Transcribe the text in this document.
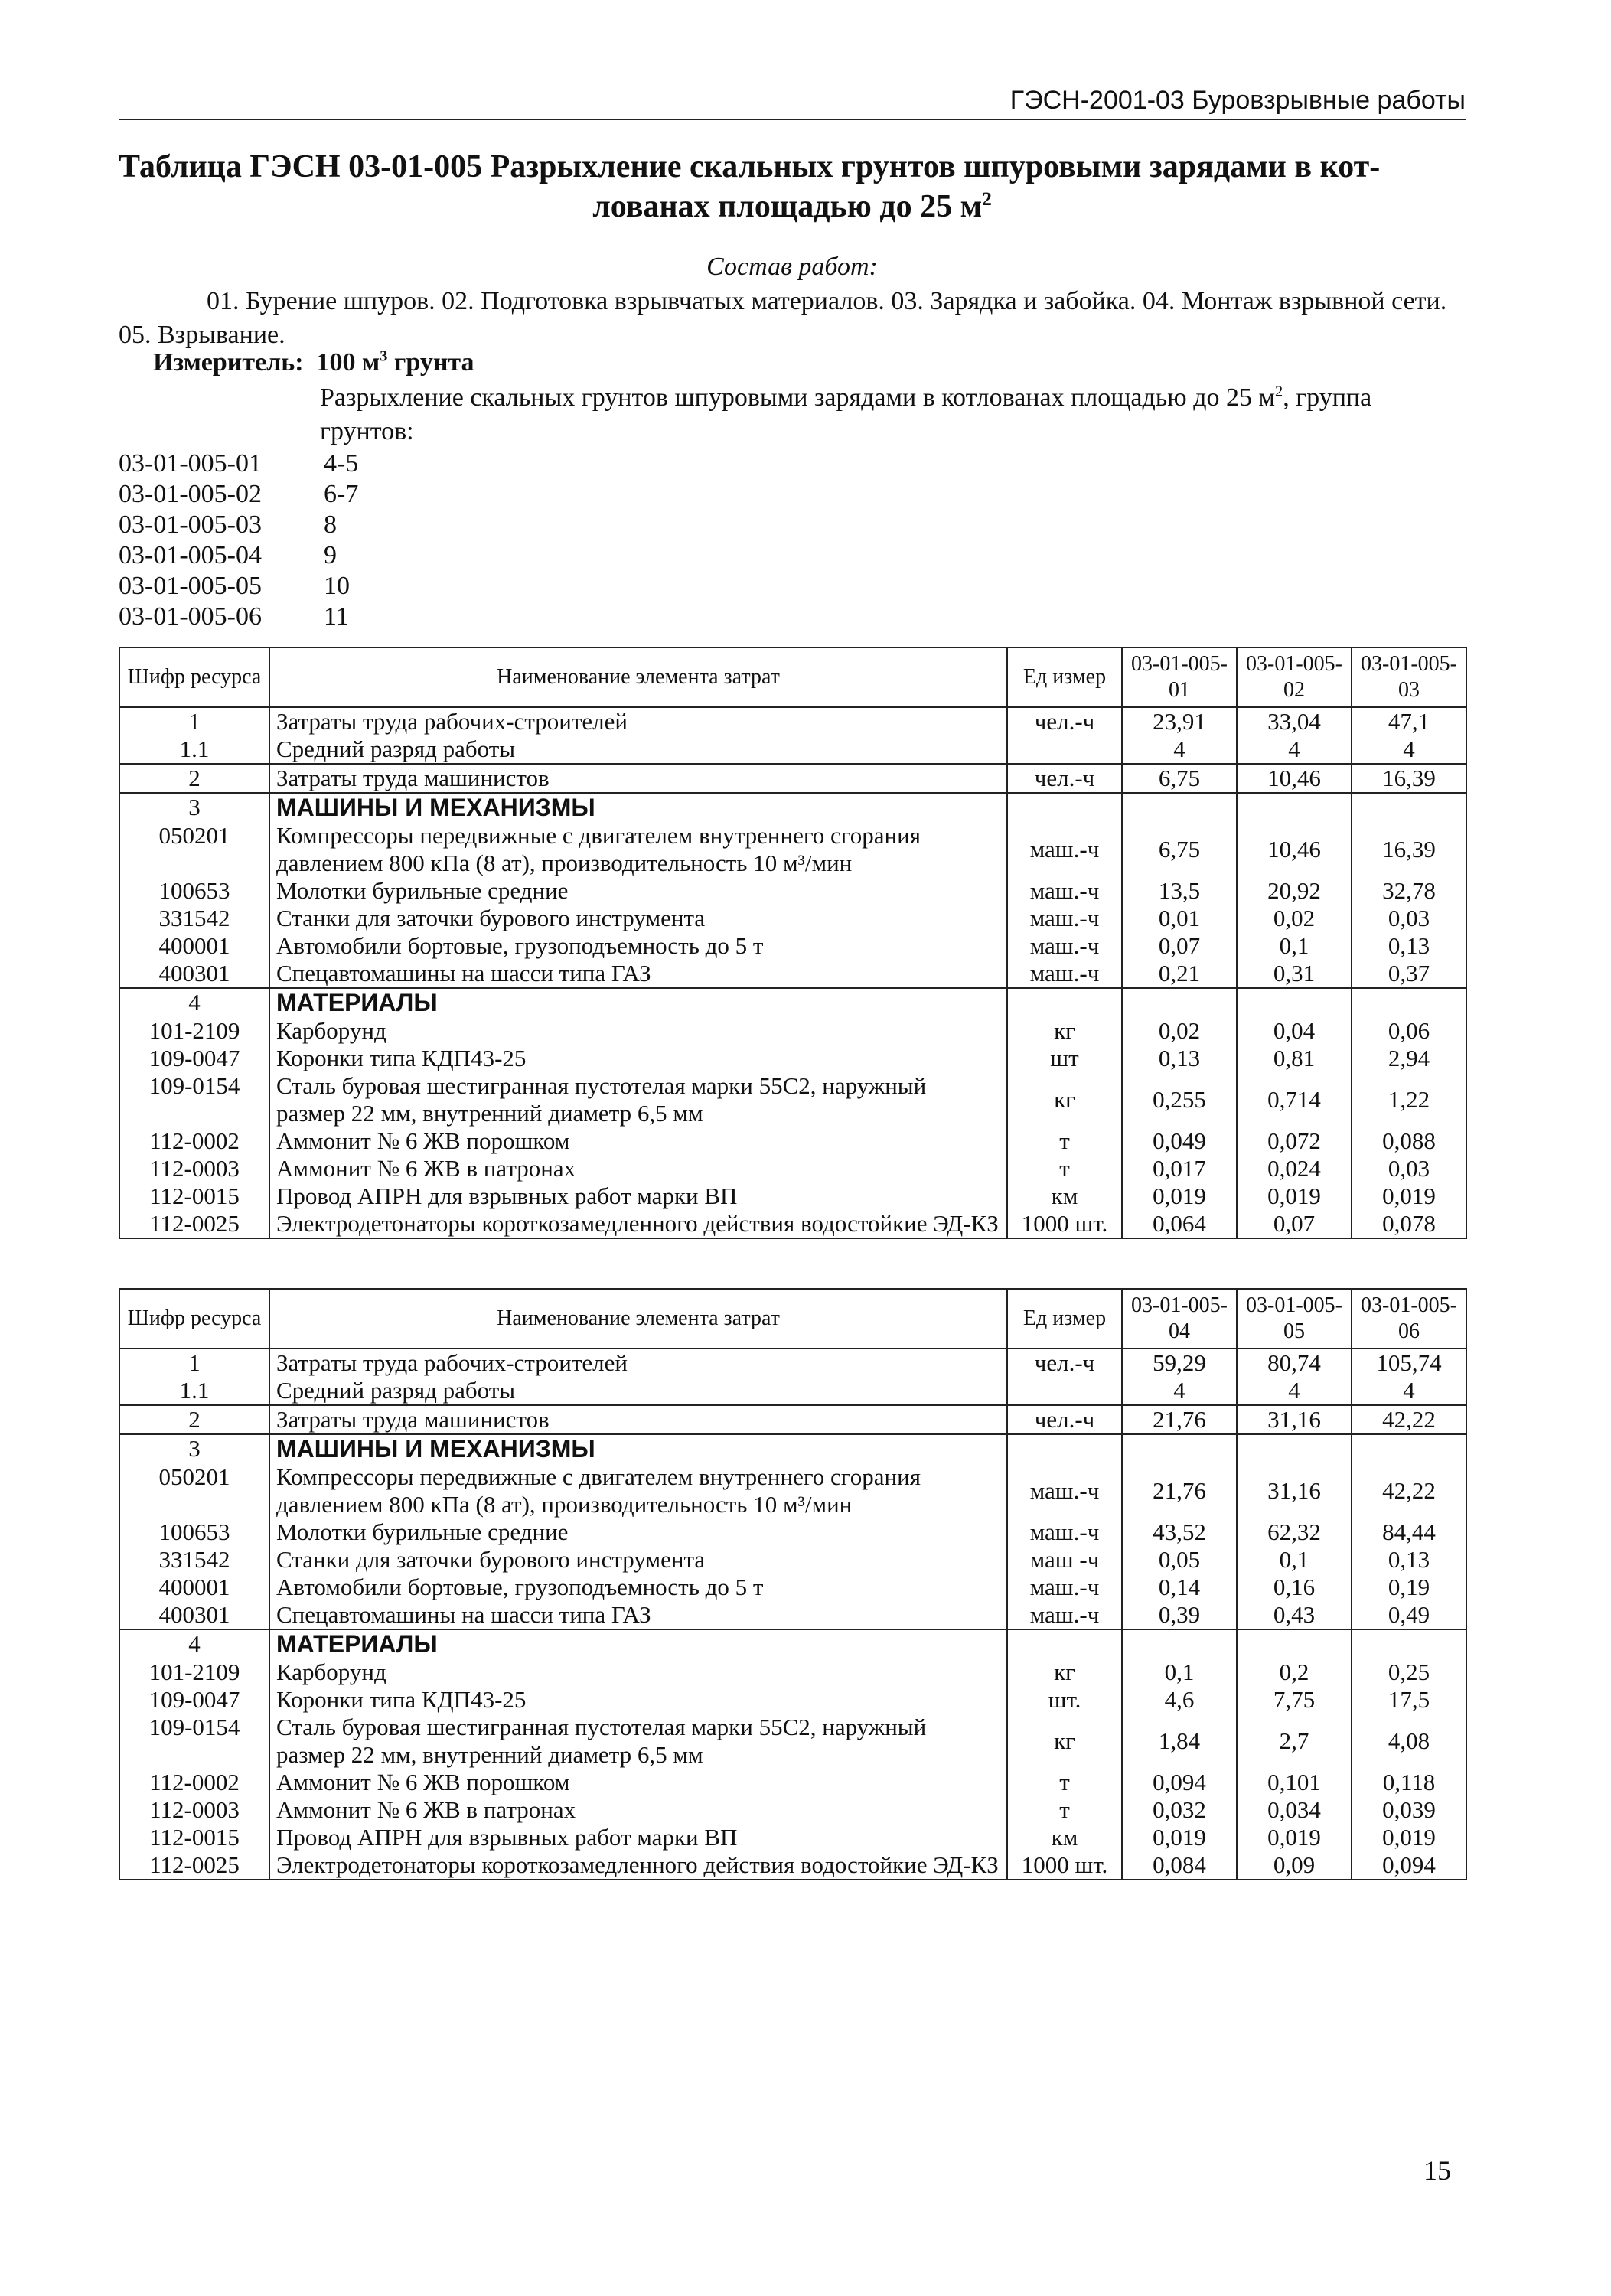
ГЭСН-2001-03 Буровзрывные работы
Таблица ГЭСН 03-01-005 Разрыхление скальных грунтов шпуровыми зарядами в кот-
лованах площадью до 25 $м^2$
Состав работ:
01. Бурение шпуров. 02. Подготовка взрывчатых материалов. 03. Зарядка и забойка. 04. Монтаж взрывной сети. 05. Взрывание.
Измеритель: 100 $м^3$ грунта
Разрыхление скальных грунтов шпуровыми зарядами в котлованах площадью до 25 $м^2$, группа грунтов:
03-01-005-01	4-5
03-01-005-02	6-7
03-01-005-03	8
03-01-005-04	9
03-01-005-05	10
03-01-005-06	11
Шифр ресурса	Наименование элемента затрат	Ед измер	03-01-005-01	03-01-005-02	03-01-005-03
1	Затраты труда рабочих-строителей	чел.-ч	23,91	33,04	47,1
1.1	Средний разряд работы		4	4	4
2	Затраты труда машинистов	чел.-ч	6,75	10,46	16,39
3	МАШИНЫ И МЕХАНИЗМЫ				
050201	Компрессоры передвижные с двигателем внутреннего сгорания давлением 800 кПа (8 ат), производительность 10 м³/мин	маш.-ч	6,75	10,46	16,39
100653	Молотки бурильные средние	маш.-ч	13,5	20,92	32,78
331542	Станки для заточки бурового инструмента	маш.-ч	0,01	0,02	0,03
400001	Автомобили бортовые, грузоподъемность до 5 т	маш.-ч	0,07	0,1	0,13
400301	Спецавтомашины на шасси типа ГАЗ	маш.-ч	0,21	0,31	0,37
4	МАТЕРИАЛЫ				
101-2109	Карборунд	кг	0,02	0,04	0,06
109-0047	Коронки типа КДП43-25	шт	0,13	0,81	2,94
109-0154	Сталь буровая шестигранная пустотелая марки 55С2, наружный размер 22 мм, внутренний диаметр 6,5 мм	кг	0,255	0,714	1,22
112-0002	Аммонит № 6 ЖВ порошком	т	0,049	0,072	0,088
112-0003	Аммонит № 6 ЖВ в патронах	т	0,017	0,024	0,03
112-0015	Провод АПРН для взрывных работ марки ВП	км	0,019	0,019	0,019
112-0025	Электродетонаторы короткозамедленного действия водостойкие ЭД-КЗ	1000 шт.	0,064	0,07	0,078
Шифр ресурса	Наименование элемента затрат	Ед измер	03-01-005-04	03-01-005-05	03-01-005-06
1	Затраты труда рабочих-строителей	чел.-ч	59,29	80,74	105,74
1.1	Средний разряд работы		4	4	4
2	Затраты труда машинистов	чел.-ч	21,76	31,16	42,22
3	МАШИНЫ И МЕХАНИЗМЫ				
050201	Компрессоры передвижные с двигателем внутреннего сгорания давлением 800 кПа (8 ат), производительность 10 м³/мин	маш.-ч	21,76	31,16	42,22
100653	Молотки бурильные средние	маш.-ч	43,52	62,32	84,44
331542	Станки для заточки бурового инструмента	маш -ч	0,05	0,1	0,13
400001	Автомобили бортовые, грузоподъемность до 5 т	маш.-ч	0,14	0,16	0,19
400301	Спецавтомашины на шасси типа ГАЗ	маш.-ч	0,39	0,43	0,49
4	МАТЕРИАЛЫ				
101-2109	Карборунд	кг	0,1	0,2	0,25
109-0047	Коронки типа КДП43-25	шт.	4,6	7,75	17,5
109-0154	Сталь буровая шестигранная пустотелая марки 55С2, наружный размер 22 мм, внутренний диаметр 6,5 мм	кг	1,84	2,7	4,08
112-0002	Аммонит № 6 ЖВ порошком	т	0,094	0,101	0,118
112-0003	Аммонит № 6 ЖВ в патронах	т	0,032	0,034	0,039
112-0015	Провод АПРН для взрывных работ марки ВП	км	0,019	0,019	0,019
112-0025	Электродетонаторы короткозамедленного действия водостойкие ЭД-КЗ	1000 шт.	0,084	0,09	0,094
15
